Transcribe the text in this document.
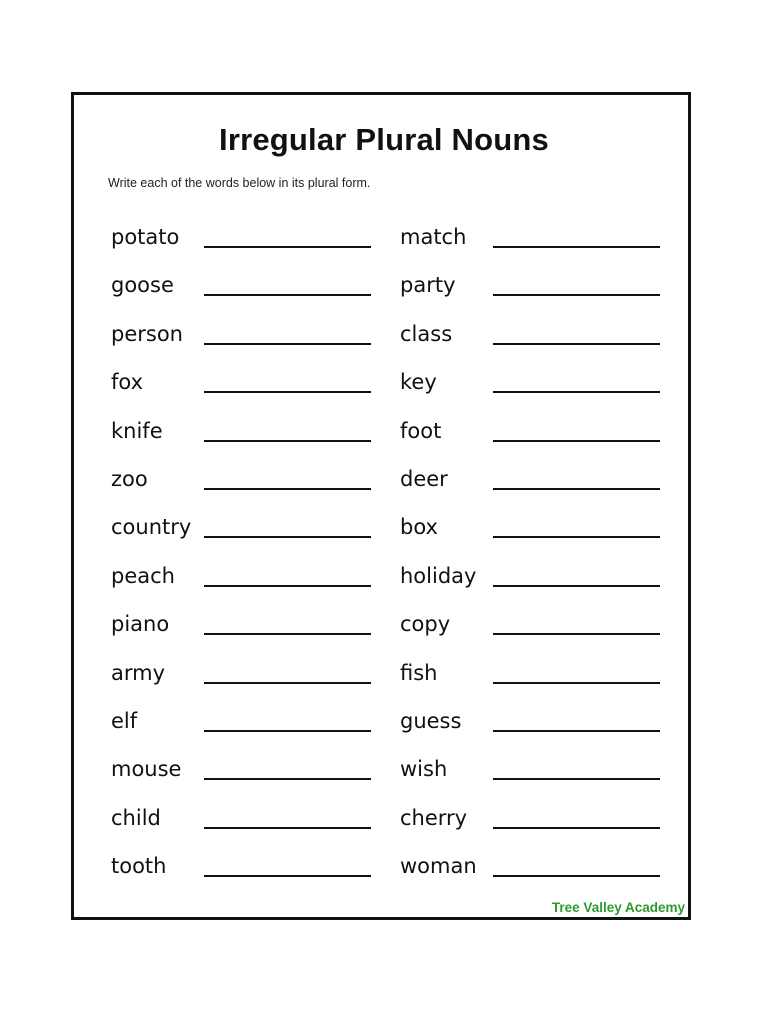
Irregular Plural Nouns

Write each of the words below in its plural form.

potato
goose
person
fox
knife
zoo
country
peach
piano
army
elf
mouse
child
tooth
match
party
class
key
foot
deer
box
holiday
copy
fish
guess
wish
cherry
woman

Tree Valley Academy
